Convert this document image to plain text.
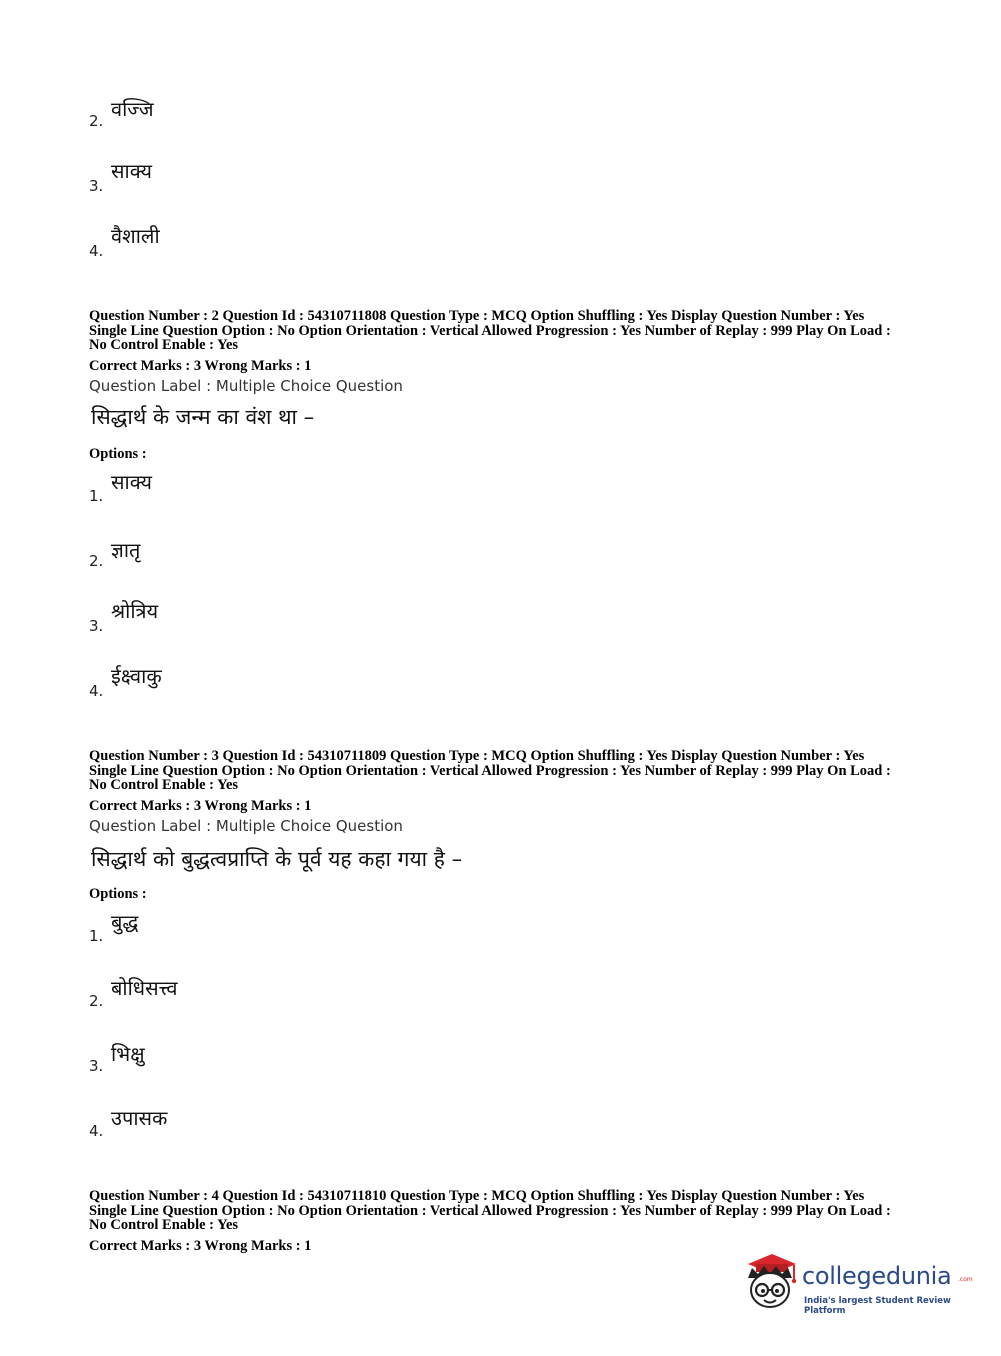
वज्जि
2.
साक्य
3.
वैशाली
4.
Question Number : 2 Question Id : 54310711808 Question Type : MCQ Option Shuffling : Yes Display Question Number : Yes
Single Line Question Option : No Option Orientation : Vertical Allowed Progression : Yes Number of Replay : 999 Play On Load :
No Control Enable : Yes
Correct Marks : 3 Wrong Marks : 1
Question Label : Multiple Choice Question
सिद्धार्थ के जन्म का वंश था –
Options :
साक्य
1.
ज्ञातृ
2.
श्रोत्रिय
3.
ईक्ष्वाकु
4.
Question Number : 3 Question Id : 54310711809 Question Type : MCQ Option Shuffling : Yes Display Question Number : Yes
Single Line Question Option : No Option Orientation : Vertical Allowed Progression : Yes Number of Replay : 999 Play On Load :
No Control Enable : Yes
Correct Marks : 3 Wrong Marks : 1
Question Label : Multiple Choice Question
सिद्धार्थ को बुद्धत्वप्राप्ति के पूर्व यह कहा गया है –
Options :
बुद्ध
1.
बोधिसत्त्व
2.
भिक्षु
3.
उपासक
4.
Question Number : 4 Question Id : 54310711810 Question Type : MCQ Option Shuffling : Yes Display Question Number : Yes
Single Line Question Option : No Option Orientation : Vertical Allowed Progression : Yes Number of Replay : 999 Play On Load :
No Control Enable : Yes
Correct Marks : 3 Wrong Marks : 1
collegedunia .com
India's largest Student Review Platform
